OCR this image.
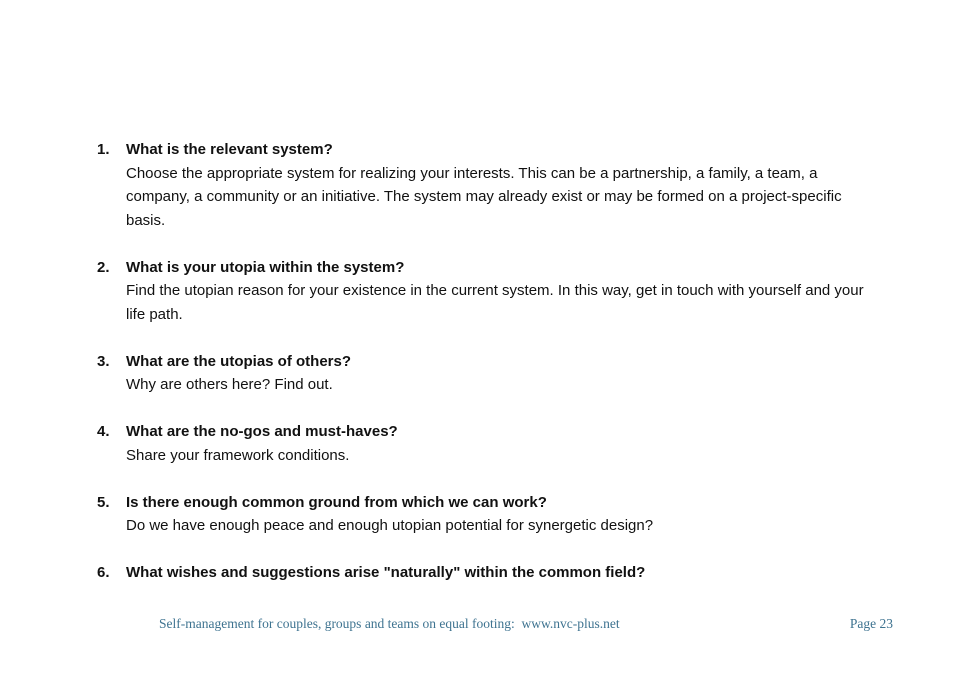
1.	What is the relevant system?
Choose the appropriate system for realizing your interests. This can be a partnership, a family, a team, a company, a community or an initiative. The system may already exist or may be formed on a project-specific basis.
2.	What is your utopia within the system?
Find the utopian reason for your existence in the current system. In this way, get in touch with yourself and your life path.
3.	What are the utopias of others?
Why are others here? Find out.
4.	What are the no-gos and must-haves?
Share your framework conditions.
5.	Is there enough common ground from which we can work?
Do we have enough peace and enough utopian potential for synergetic design?
6.	What wishes and suggestions arise "naturally" within the common field?
Self-management for couples, groups and teams on equal footing:  www.nvc-plus.net	Page 23
